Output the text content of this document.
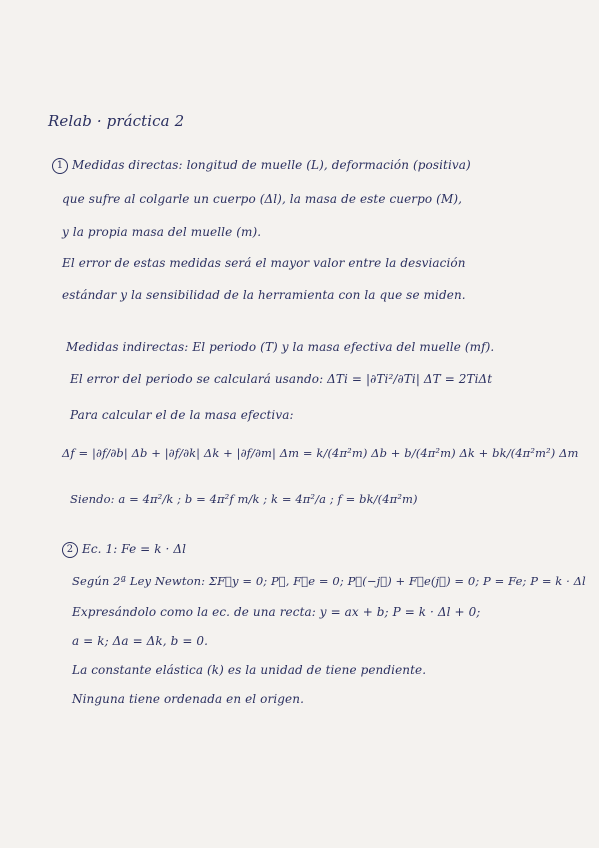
Relab · práctica 2
1 Medidas directas: longitud de muelle (L), deformación (positiva)
que sufre al colgarle un cuerpo (Δl), la masa de este cuerpo (M),
y la propia masa del muelle (m).
El error de estas medidas será el mayor valor entre la desviación
estándar y la sensibilidad de la herramienta con la que se miden.
Medidas indirectas: El periodo (T) y la masa efectiva del muelle (mf).
El error del periodo se calculará usando: ΔTi = |∂Ti²/∂Ti| ΔT = 2TiΔt
Para calcular el de la masa efectiva:
Δf = |∂f/∂b| Δb + |∂f/∂k| Δk + |∂f/∂m| Δm = k/(4π²m) Δb + b/(4π²m) Δk + bk/(4π²m²) Δm
Siendo: a = 4π²/k ; b = 4π²f m/k ; k = 4π²/a ; f = bk/(4π²m)
2 Ec. 1: Fe = k · Δl
Según 2ª Ley Newton: ΣF⃗y = 0; P⃗, F⃗e = 0; P⃗(−j⃗) + F⃗e(j⃗) = 0; P = Fe; P = k · Δl
Expresándolo como la ec. de una recta: y = ax + b; P = k · Δl + 0;
a = k; Δa = Δk, b = 0.
La constante elástica (k) es la unidad de tiene pendiente.
Ninguna tiene ordenada en el origen.
